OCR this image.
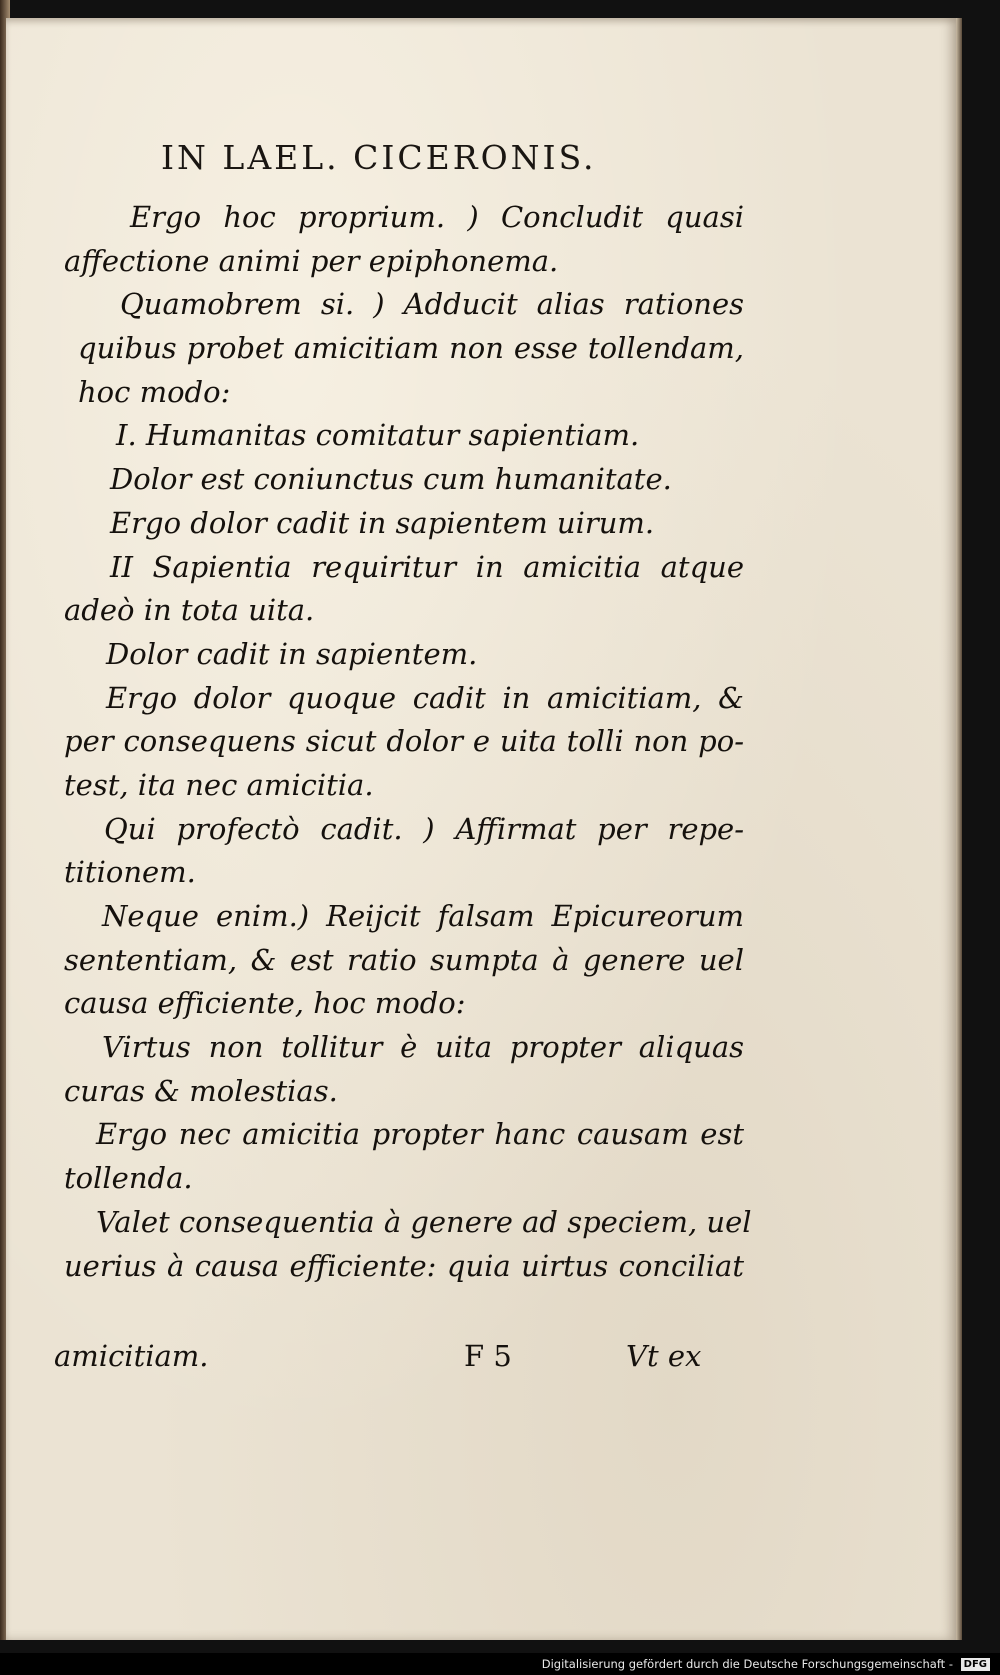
IN LAEL. CICERONIS.
Ergo hoc proprium. ) Concludit quasi
affectione animi per epiphonema.
Quamobrem si. ) Adducit alias rationes
quibus probet amicitiam non esse tollendam,
hoc modo:
I. Humanitas comitatur sapientiam.
Dolor est coniunctus cum humanitate.
Ergo dolor cadit in sapientem uirum.
II Sapientia requiritur in amicitia atque
adeò in tota uita.
Dolor cadit in sapientem.
Ergo dolor quoque cadit in amicitiam, &
per consequens sicut dolor e uita tolli non po-
test, ita nec amicitia.
Qui profectò cadit. ) Affirmat per repe-
titionem.
Neque enim.) Reijcit falsam Epicureorum
sententiam, & est ratio sumpta à genere uel
causa efficiente, hoc modo:
Virtus non tollitur è uita propter aliquas
curas & molestias.
Ergo nec amicitia propter hanc causam est
tollenda.
Valet consequentia à genere ad speciem, uel
uerius à causa efficiente: quia uirtus conciliat
amicitiam.	F 5	Vt ex
Digitalisierung gefördert durch die Deutsche Forschungsgemeinschaft - DFG
